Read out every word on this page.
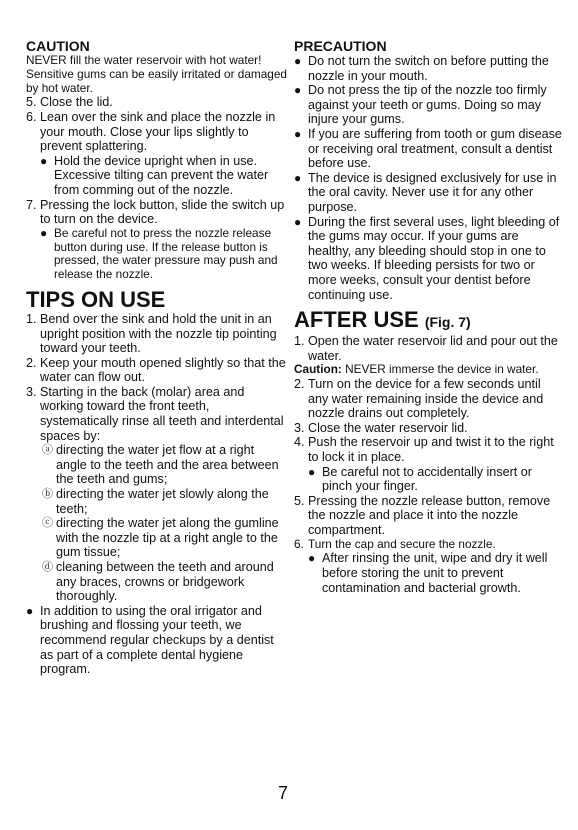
CAUTION

NEVER fill the water reservoir with hot water! Sensitive gums can be easily irritated or damaged by hot water.

5. Close the lid.
6. Lean over the sink and place the nozzle in your mouth. Close your lips slightly to prevent splattering.
● Hold the device upright when in use. Excessive tilting can prevent the water from comming out of the nozzle.
7. Pressing the lock button, slide the switch up to turn on the device.
● Be careful not to press the nozzle release button during use. If the release button is pressed, the water pressure may push and release the nozzle.

TIPS ON USE

1. Bend over the sink and hold the unit in an upright position with the nozzle tip pointing toward your teeth.
2. Keep your mouth opened slightly so that the water can flow out.
3. Starting in the back (molar) area and working toward the front teeth, systematically rinse all teeth and interdental spaces by:
ⓐ directing the water jet flow at a right angle to the teeth and the area between the teeth and gums;
ⓑ directing the water jet slowly along the teeth;
ⓒ directing the water jet along the gumline with the nozzle tip at a right angle to the gum tissue;
ⓓ cleaning between the teeth and around any braces, crowns or bridgework thoroughly.
● In addition to using the oral irrigator and brushing and flossing your teeth, we recommend regular checkups by a dentist as part of a complete dental hygiene program.

PRECAUTION

● Do not turn the switch on before putting the nozzle in your mouth.
● Do not press the tip of the nozzle too firmly against your teeth or gums. Doing so may injure your gums.
● If you are suffering from tooth or gum disease or receiving oral treatment, consult a dentist before use.
● The device is designed exclusively for use in the oral cavity. Never use it for any other purpose.
● During the first several uses, light bleeding of the gums may occur. If your gums are healthy, any bleeding should stop in one to two weeks. If bleeding persists for two or more weeks, consult your dentist before continuing use.

AFTER USE (Fig. 7)

1. Open the water reservoir lid and pour out the water.

Caution: NEVER immerse the device in water.

2. Turn on the device for a few seconds until any water remaining inside the device and nozzle drains out completely.
3. Close the water reservoir lid.
4. Push the reservoir up and twist it to the right to lock it in place.
● Be careful not to accidentally insert or pinch your finger.
5. Pressing the nozzle release button, remove the nozzle and place it into the nozzle compartment.
6. Turn the cap and secure the nozzle.
● After rinsing the unit, wipe and dry it well before storing the unit to prevent contamination and bacterial growth.
7
